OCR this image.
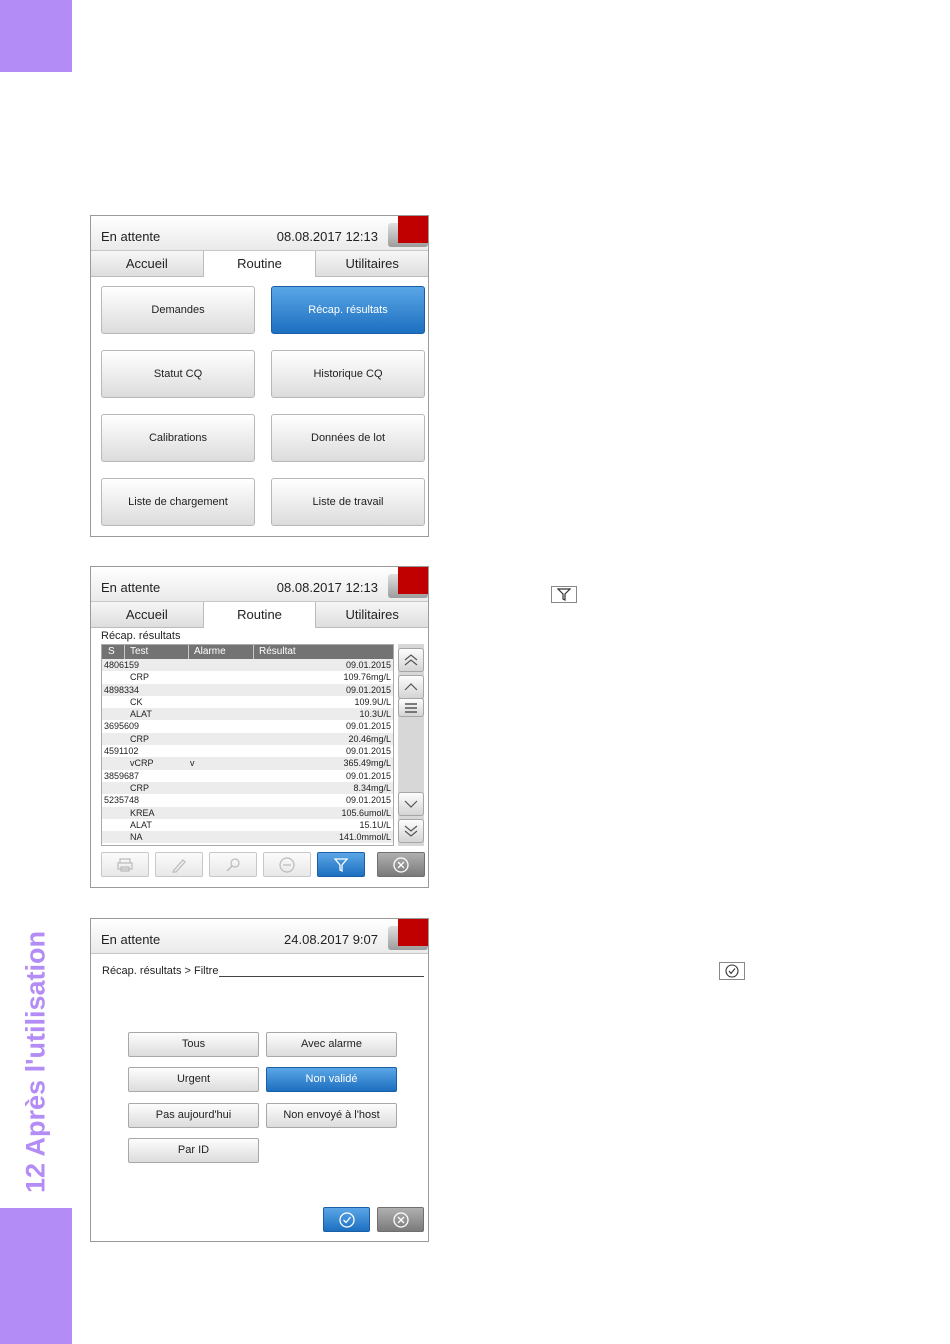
12 Après l'utilisation
En attente	08.08.2017 12:13
Accueil	Routine	Utilitaires
Demandes	Récap. résultats
Statut CQ	Historique CQ
Calibrations	Données de lot
Liste de chargement	Liste de travail
En attente	08.08.2017 12:13
Accueil	Routine	Utilitaires
Récap. résultats
S Test	Alarme	Résultat
4806159	09.01.2015
CRP	109.76mg/L
4898334	09.01.2015
CK	109.9U/L
ALAT	10.3U/L
3695609	09.01.2015
CRP	20.46mg/L
4591102	09.01.2015
vCRP	v	365.49mg/L
3859687	09.01.2015
CRP	8.34mg/L
5235748	09.01.2015
KREA	105.6umol/L
ALAT	15.1U/L
NA	141.0mmol/L
En attente	24.08.2017 9:07
Récap. résultats > Filtre
Tous	Avec alarme
Urgent	Non validé
Pas aujourd'hui	Non envoyé à l'host
Par ID
